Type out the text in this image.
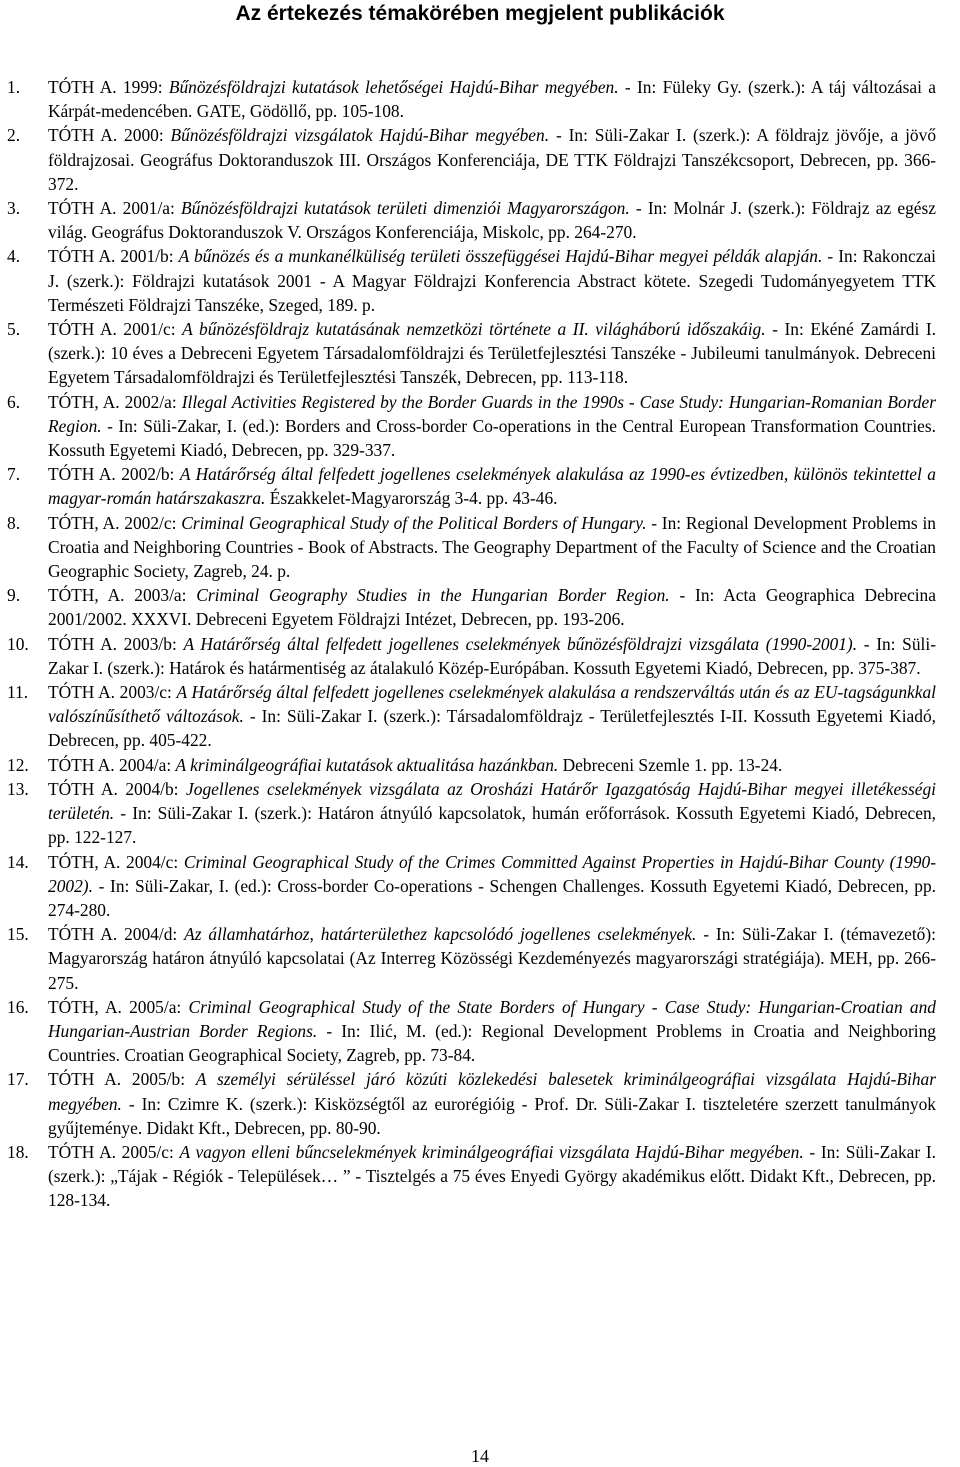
Az értekezés témakörében megjelent publikációk
1. TÓTH A. 1999: Bűnözésföldrajzi kutatások lehetőségei Hajdú-Bihar megyében. - In: Füleky Gy. (szerk.): A táj változásai a Kárpát-medencében. GATE, Gödöllő, pp. 105-108.
2. TÓTH A. 2000: Bűnözésföldrajzi vizsgálatok Hajdú-Bihar megyében. - In: Süli-Zakar I. (szerk.): A földrajz jövője, a jövő földrajzosai. Geográfus Doktoranduszok III. Országos Konferenciája, DE TTK Földrajzi Tanszékcsoport, Debrecen, pp. 366-372.
3. TÓTH A. 2001/a: Bűnözésföldrajzi kutatások területi dimenziói Magyarországon. - In: Molnár J. (szerk.): Földrajz az egész világ. Geográfus Doktoranduszok V. Országos Konferenciája, Miskolc, pp. 264-270.
4. TÓTH A. 2001/b: A bűnözés és a munkanélküliség területi összefüggései Hajdú-Bihar megyei példák alapján. - In: Rakonczai J. (szerk.): Földrajzi kutatások 2001 - A Magyar Földrajzi Konferencia Abstract kötete. Szegedi Tudományegyetem TTK Természeti Földrajzi Tanszéke, Szeged, 189. p.
5. TÓTH A. 2001/c: A bűnözésföldrajz kutatásának nemzetközi története a II. világháború időszakáig. - In: Ekéné Zamárdi I. (szerk.): 10 éves a Debreceni Egyetem Társadalomföldrajzi és Területfejlesztési Tanszéke - Jubileumi tanulmányok. Debreceni Egyetem Társadalomföldrajzi és Területfejlesztési Tanszék, Debrecen, pp. 113-118.
6. TÓTH, A. 2002/a: Illegal Activities Registered by the Border Guards in the 1990s - Case Study: Hungarian-Romanian Border Region. - In: Süli-Zakar, I. (ed.): Borders and Cross-border Co-operations in the Central European Transformation Countries. Kossuth Egyetemi Kiadó, Debrecen, pp. 329-337.
7. TÓTH A. 2002/b: A Határőrség által felfedett jogellenes cselekmények alakulása az 1990-es évtizedben, különös tekintettel a magyar-román határszakaszra. Északkelet-Magyarország 3-4. pp. 43-46.
8. TÓTH, A. 2002/c: Criminal Geographical Study of the Political Borders of Hungary. - In: Regional Development Problems in Croatia and Neighboring Countries - Book of Abstracts. The Geography Department of the Faculty of Science and the Croatian Geographic Society, Zagreb, 24. p.
9. TÓTH, A. 2003/a: Criminal Geography Studies in the Hungarian Border Region. - In: Acta Geographica Debrecina 2001/2002. XXXVI. Debreceni Egyetem Földrajzi Intézet, Debrecen, pp. 193-206.
10. TÓTH A. 2003/b: A Határőrség által felfedett jogellenes cselekmények bűnözésföldrajzi vizsgálata (1990-2001). - In: Süli-Zakar I. (szerk.): Határok és határmentiség az átalakuló Közép-Európában. Kossuth Egyetemi Kiadó, Debrecen, pp. 375-387.
11. TÓTH A. 2003/c: A Határőrség által felfedett jogellenes cselekmények alakulása a rendszerváltás után és az EU-tagságunkkal valószínűsíthető változások. - In: Süli-Zakar I. (szerk.): Társadalomföldrajz - Területfejlesztés I-II. Kossuth Egyetemi Kiadó, Debrecen, pp. 405-422.
12. TÓTH A. 2004/a: A kriminálgeográfiai kutatások aktualitása hazánkban. Debreceni Szemle 1. pp. 13-24.
13. TÓTH A. 2004/b: Jogellenes cselekmények vizsgálata az Orosházi Határőr Igazgatóság Hajdú-Bihar megyei illetékességi területén. - In: Süli-Zakar I. (szerk.): Határon átnyúló kapcsolatok, humán erőforrások. Kossuth Egyetemi Kiadó, Debrecen, pp. 122-127.
14. TÓTH, A. 2004/c: Criminal Geographical Study of the Crimes Committed Against Properties in Hajdú-Bihar County (1990-2002). - In: Süli-Zakar, I. (ed.): Cross-border Co-operations - Schengen Challenges. Kossuth Egyetemi Kiadó, Debrecen, pp. 274-280.
15. TÓTH A. 2004/d: Az államhatárhoz, határterülethez kapcsolódó jogellenes cselekmények. - In: Süli-Zakar I. (témavezető): Magyarország határon átnyúló kapcsolatai (Az Interreg Közösségi Kezdeményezés magyarországi stratégiája). MEH, pp. 266-275.
16. TÓTH, A. 2005/a: Criminal Geographical Study of the State Borders of Hungary - Case Study: Hungarian-Croatian and Hungarian-Austrian Border Regions. - In: Ilić, M. (ed.): Regional Development Problems in Croatia and Neighboring Countries. Croatian Geographical Society, Zagreb, pp. 73-84.
17. TÓTH A. 2005/b: A személyi sérüléssel járó közúti közlekedési balesetek kriminálgeográfiai vizsgálata Hajdú-Bihar megyében. - In: Czimre K. (szerk.): Kisközségtől az eurorégióig - Prof. Dr. Süli-Zakar I. tiszteletére szerzett tanulmányok gyűjteménye. Didakt Kft., Debrecen, pp. 80-90.
18. TÓTH A. 2005/c: A vagyon elleni bűncselekmények kriminálgeográfiai vizsgálata Hajdú-Bihar megyében. - In: Süli-Zakar I. (szerk.): „Tájak - Régiók - Települések… ” - Tisztelgés a 75 éves Enyedi György akadémikus előtt. Didakt Kft., Debrecen, pp. 128-134.
14
